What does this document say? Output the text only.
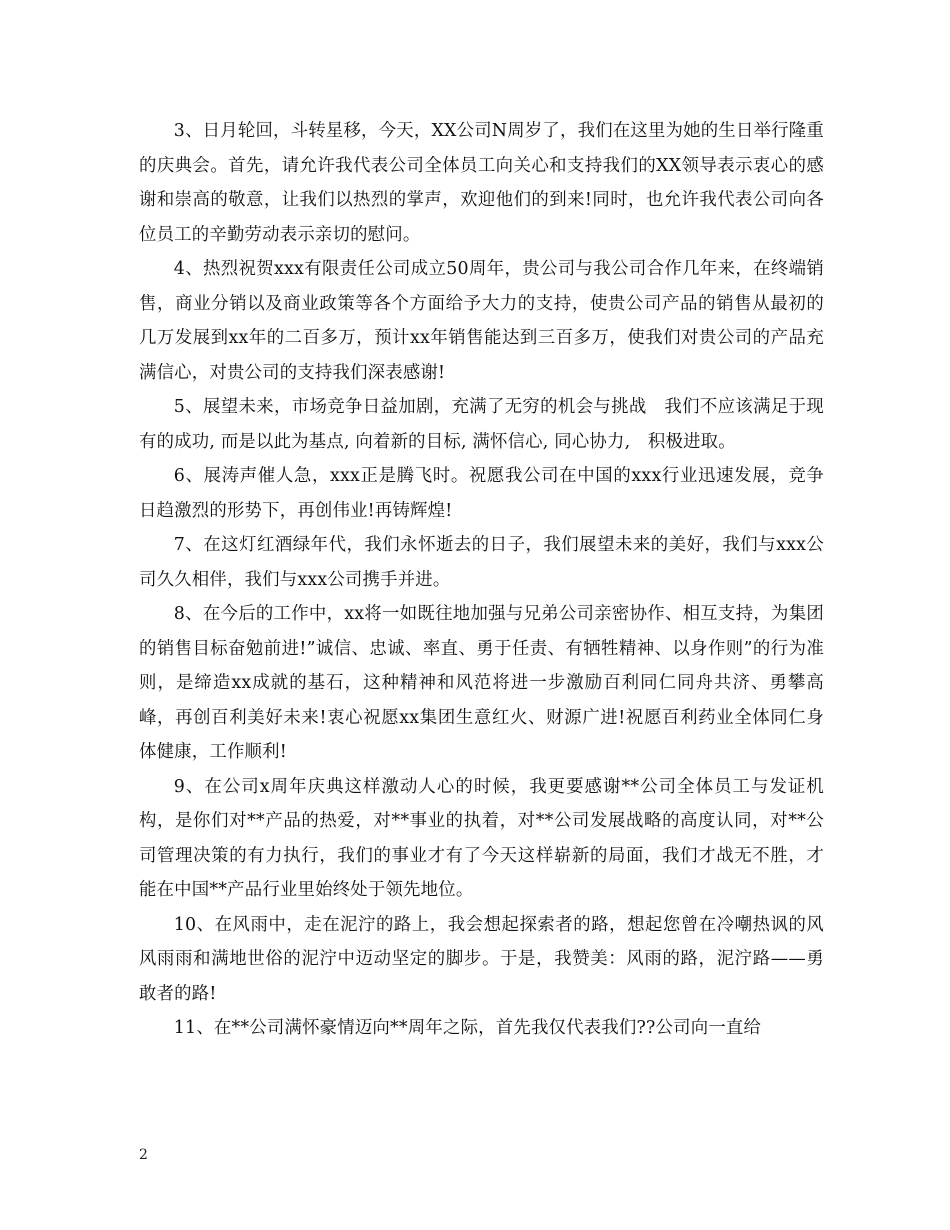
3、日月轮回，斗转星移，今天，XX公司N周岁了，我们在这里为她的生日举行隆重的庆典会。首先，请允许我代表公司全体员工向关心和支持我们的XX领导表示衷心的感谢和崇高的敬意，让我们以热烈的掌声，欢迎他们的到来!同时，也允许我代表公司向各位员工的辛勤劳动表示亲切的慰问。

4、热烈祝贺xxx有限责任公司成立50周年，贵公司与我公司合作几年来，在终端销售，商业分销以及商业政策等各个方面给予大力的支持，使贵公司产品的销售从最初的几万发展到xx年的二百多万，预计xx年销售能达到三百多万，使我们对贵公司的产品充满信心，对贵公司的支持我们深表感谢!

5、展望未来，市场竞争日益加剧，充满了无穷的机会与挑战　我们不应该满足于现有的成功, 而是以此为基点, 向着新的目标, 满怀信心, 同心协力,　积极进取。

6、展涛声催人急，xxx正是腾飞时。祝愿我公司在中国的xxx行业迅速发展，竞争日趋激烈的形势下，再创伟业!再铸辉煌!

7、在这灯红酒绿年代，我们永怀逝去的日子，我们展望未来的美好，我们与xxx公司久久相伴，我们与xxx公司携手并进。

8、在今后的工作中，xx将一如既往地加强与兄弟公司亲密协作、相互支持，为集团的销售目标奋勉前进!”诚信、忠诚、率直、勇于任责、有牺牲精神、以身作则”的行为准则，是缔造xx成就的基石，这种精神和风范将进一步激励百利同仁同舟共济、勇攀高峰，再创百利美好未来!衷心祝愿xx集团生意红火、财源广进!祝愿百利药业全体同仁身体健康，工作顺利!

9、在公司x周年庆典这样激动人心的时候，我更要感谢**公司全体员工与发证机构，是你们对**产品的热爱，对**事业的执着，对**公司发展战略的高度认同，对**公司管理决策的有力执行，我们的事业才有了今天这样崭新的局面，我们才战无不胜，才能在中国**产品行业里始终处于领先地位。

10、在风雨中，走在泥泞的路上，我会想起探索者的路，想起您曾在冷嘲热讽的风风雨雨和满地世俗的泥泞中迈动坚定的脚步。于是，我赞美：风雨的路，泥泞路——勇敢者的路!

11、在**公司满怀豪情迈向**周年之际，首先我仅代表我们??公司向一直给

2
